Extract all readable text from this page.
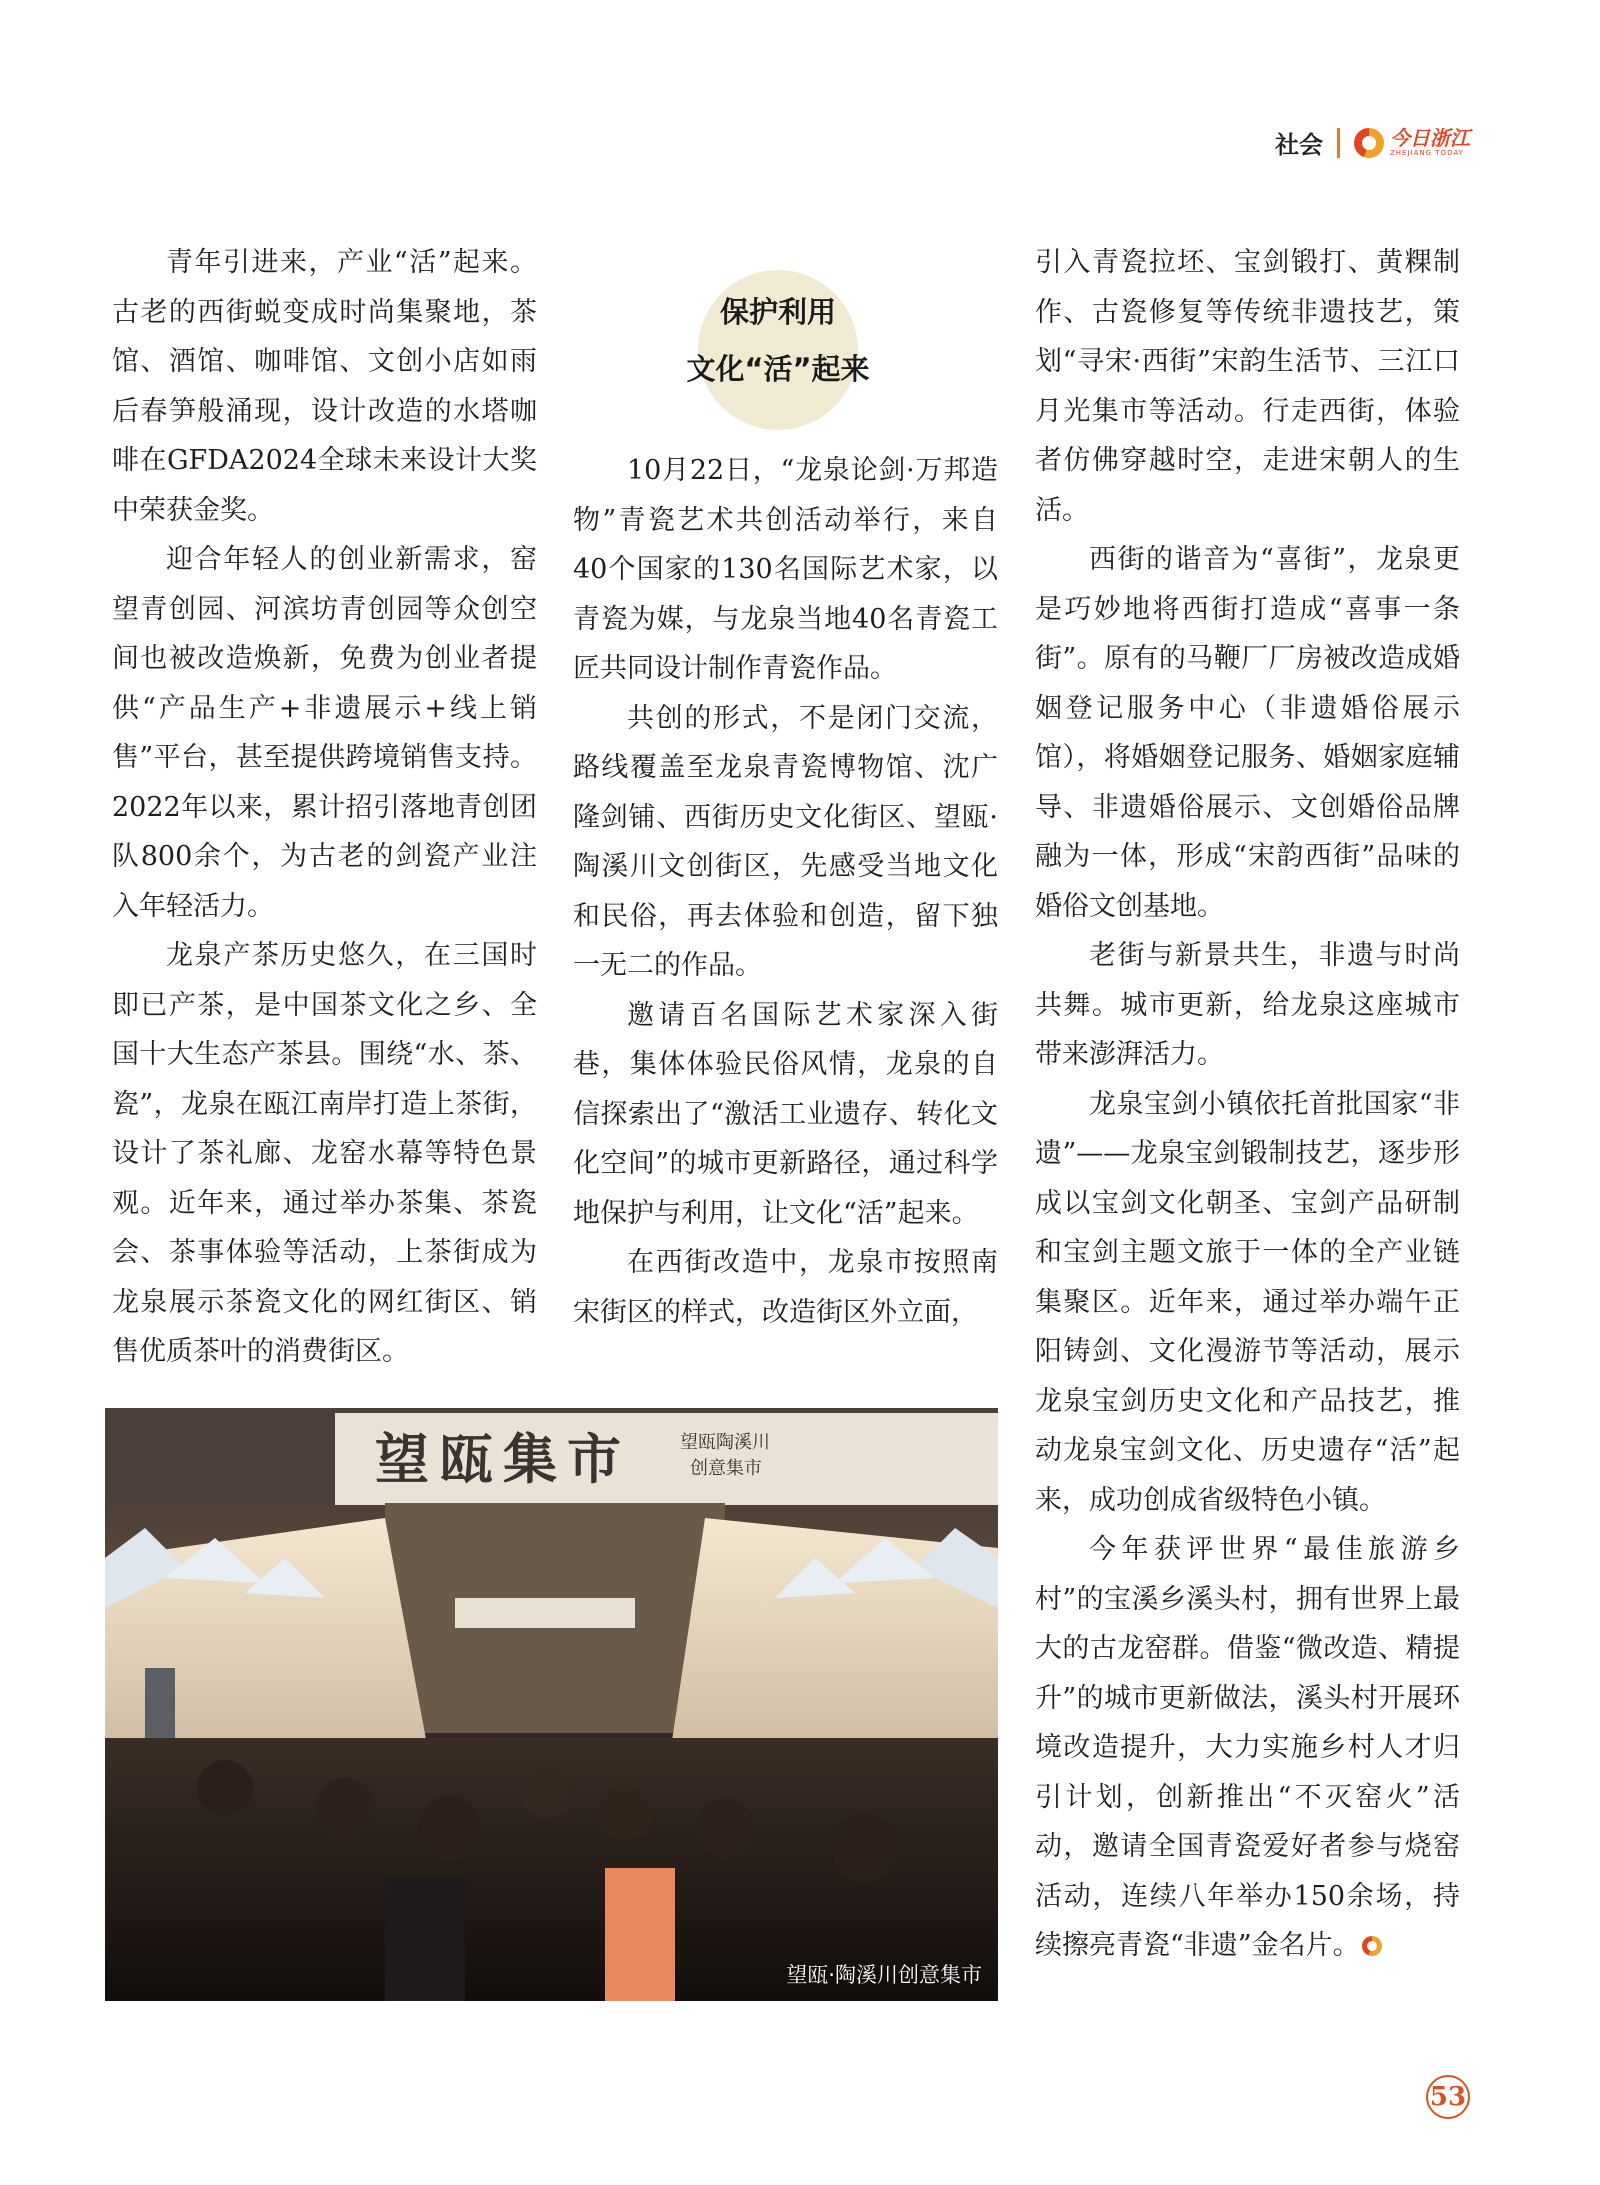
社会	今日浙江
ZHEJIANG TODAY

青年引进来，产业“活”起来。古老的西街蜕变成时尚集聚地，茶馆、酒馆、咖啡馆、文创小店如雨后春笋般涌现，设计改造的水塔咖啡在GFDA2024全球未来设计大奖中荣获金奖。

迎合年轻人的创业新需求，窑望青创园、河滨坊青创园等众创空间也被改造焕新，免费为创业者提供“产品生产+非遗展示+线上销售”平台，甚至提供跨境销售支持。2022年以来，累计招引落地青创团队800余个，为古老的剑瓷产业注入年轻活力。

龙泉产茶历史悠久，在三国时即已产茶，是中国茶文化之乡、全国十大生态产茶县。围绕“水、茶、瓷”，龙泉在瓯江南岸打造上茶街，设计了茶礼廊、龙窑水幕等特色景观。近年来，通过举办茶集、茶瓷会、茶事体验等活动，上茶街成为龙泉展示茶瓷文化的网红街区、销售优质茶叶的消费街区。

保护利用
文化“活”起来

10月22日，“龙泉论剑·万邦造物”青瓷艺术共创活动举行，来自40个国家的130名国际艺术家，以青瓷为媒，与龙泉当地40名青瓷工匠共同设计制作青瓷作品。

共创的形式，不是闭门交流，路线覆盖至龙泉青瓷博物馆、沈广隆剑铺、西街历史文化街区、望瓯·陶溪川文创街区，先感受当地文化和民俗，再去体验和创造，留下独一无二的作品。

邀请百名国际艺术家深入街巷，集体体验民俗风情，龙泉的自信探索出了“激活工业遗存、转化文化空间”的城市更新路径，通过科学地保护与利用，让文化“活”起来。

在西街改造中，龙泉市按照南宋街区的样式，改造街区外立面，

引入青瓷拉坯、宝剑锻打、黄粿制作、古瓷修复等传统非遗技艺，策划“寻宋·西街”宋韵生活节、三江口月光集市等活动。行走西街，体验者仿佛穿越时空，走进宋朝人的生活。

西街的谐音为“喜街”，龙泉更是巧妙地将西街打造成“喜事一条街”。原有的马鞭厂厂房被改造成婚姻登记服务中心（非遗婚俗展示馆），将婚姻登记服务、婚姻家庭辅导、非遗婚俗展示、文创婚俗品牌融为一体，形成“宋韵西街”品味的婚俗文创基地。

老街与新景共生，非遗与时尚共舞。城市更新，给龙泉这座城市带来澎湃活力。

龙泉宝剑小镇依托首批国家“非遗”——龙泉宝剑锻制技艺，逐步形成以宝剑文化朝圣、宝剑产品研制和宝剑主题文旅于一体的全产业链集聚区。近年来，通过举办端午正阳铸剑、文化漫游节等活动，展示龙泉宝剑历史文化和产品技艺，推动龙泉宝剑文化、历史遗存“活”起来，成功创成省级特色小镇。

今年获评世界“最佳旅游乡村”的宝溪乡溪头村，拥有世界上最大的古龙窑群。借鉴“微改造、精提升”的城市更新做法，溪头村开展环境改造提升，大力实施乡村人才归引计划，创新推出“不灭窑火”活动，邀请全国青瓷爱好者参与烧窑活动，连续八年举办150余场，持续擦亮青瓷“非遗”金名片。

望瓯集市	望瓯陶溪川
创意集市
望瓯·陶溪川创意集市
53
